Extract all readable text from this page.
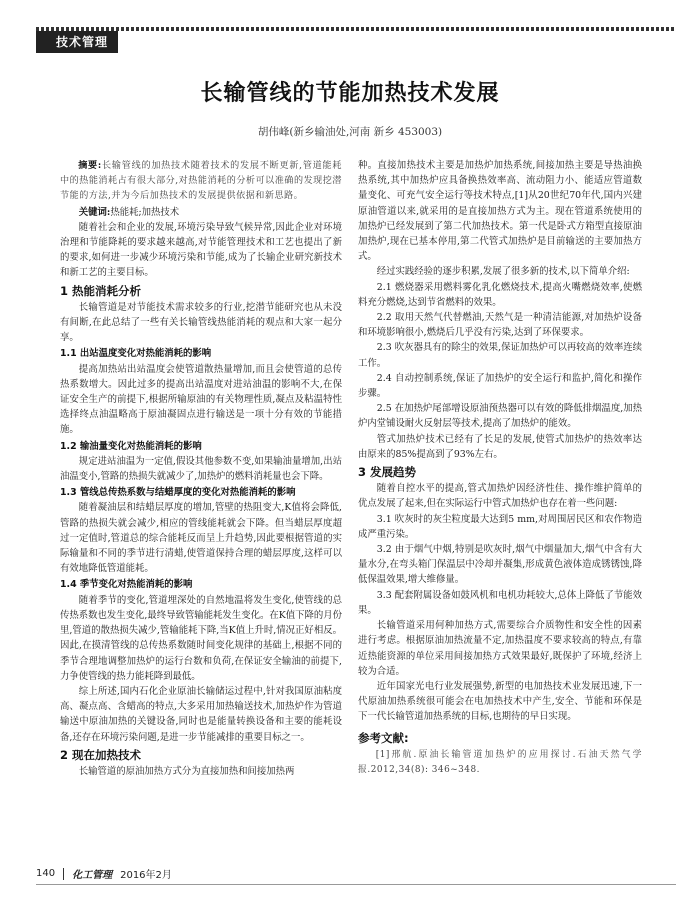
技术管理
长输管线的节能加热技术发展
胡伟峰(新乡输油处,河南 新乡 453003)

摘要:长输管线的加热技术随着技术的发展不断更新,管道能耗中的热能消耗占有很大部分,对热能消耗的分析可以准确的发现挖潜节能的方法,并为今后加热技术的发展提供依据和新思路。

关键词:热能耗;加热技术

随着社会和企业的发展,环境污染导致气候异常,因此企业对环境治理和节能降耗的要求越来越高,对节能管理技术和工艺也提出了新的要求,如何进一步减少环境污染和节能,成为了长输企业研究新技术和新工艺的主要目标。

1 热能消耗分析

长输管道是对节能技术需求较多的行业,挖潜节能研究也从未没有间断,在此总结了一些有关长输管线热能消耗的观点和大家一起分享。

1.1 出站温度变化对热能消耗的影响

提高加热站出站温度会使管道散热量增加,而且会使管道的总传热系数增大。因此过多的提高出站温度对进站油温的影响不大,在保证安全生产的前提下,根据所输原油的有关物理性质,凝点及粘温特性选择终点油温略高于原油凝固点进行输送是一项十分有效的节能措施。

1.2 输油量变化对热能消耗的影响

规定进站油温为一定值,假设其他参数不变,如果输油量增加,出站油温变小,管路的热损失就减少了,加热炉的燃料消耗量也会下降。

1.3 管线总传热系数与结蜡厚度的变化对热能消耗的影响

随着凝油层和结蜡层厚度的增加,管壁的热阻变大,K值将会降低,管路的热损失就会减少,相应的管线能耗就会下降。但当蜡层厚度超过一定值时,管道总的综合能耗反而呈上升趋势,因此要根据管道的实际输量和不同的季节进行清蜡,使管道保持合理的蜡层厚度,这样可以有效地降低管道能耗。

1.4 季节变化对热能消耗的影响

随着季节的变化,管道埋深处的自然地温将发生变化,使管线的总传热系数也发生变化,最终导致管输能耗发生变化。在K值下降的月份里,管道的散热损失减少,管输能耗下降,当K值上升时,情况正好相反。因此,在摸清管线的总传热系数随时间变化规律的基础上,根据不同的季节合理地调整加热炉的运行台数和负荷,在保证安全输油的前提下,力争使管线的热力能耗降到最低。

综上所述,国内石化企业原油长输储运过程中,针对我国原油粘度高、凝点高、含蜡高的特点,大多采用加热输送技术,加热炉作为管道输送中原油加热的关键设备,同时也是能量转换设备和主要的能耗设备,还存在环境污染问题,是进一步节能减排的重要目标之一。

2 现在加热技术

长输管道的原油加热方式分为直接加热和间接加热两

种。直接加热技术主要是加热炉加热系统,间接加热主要是导热油换热系统,其中加热炉应具备换热效率高、流动阻力小、能适应管道数量变化、可充气安全运行等技术特点,[1]从20世纪70年代,国内兴建原油管道以来,就采用的是直接加热方式为主。现在管道系统使用的加热炉已经发展到了第二代加热技术。第一代是卧式方箱型直接原油加热炉,现在已基本停用,第二代管式加热炉是目前输送的主要加热方式。

经过实践经验的逐步积累,发展了很多新的技术,以下简单介绍:

2.1 燃烧器采用燃料雾化乳化燃烧技术,提高火嘴燃烧效率,使燃料充分燃烧,达到节省燃料的效果。

2.2 取用天然气代替燃油,天然气是一种清洁能源,对加热炉设备和环境影响很小,燃烧后几乎没有污染,达到了环保要求。

2.3 吹灰器具有的除尘的效果,保证加热炉可以再较高的效率连续工作。

2.4 自动控制系统,保证了加热炉的安全运行和监护,简化和操作步骤。

2.5 在加热炉尾部增设原油预热器可以有效的降低排烟温度,加热炉内堂铺设耐火反射层等技术,提高了加热炉的能效。

管式加热炉技术已经有了长足的发展,使管式加热炉的热效率达由原来的85%提高到了93%左右。

3 发展趋势

随着自控水平的提高,管式加热炉因经济性佳、操作维护简单的优点发展了起来,但在实际运行中管式加热炉也存在着一些问题:

3.1 吹灰时的灰尘粒度最大达到5 mm,对周围居民区和农作物造成严重污染。

3.2 由于烟气中烟,特别是吹灰时,烟气中烟量加大,烟气中含有大量水分,在弯头箱门保温层中冷却并凝集,形成黄色液体造成锈锈蚀,降低保温效果,增大维修量。

3.3 配套附属设备如鼓风机和电机功耗较大,总体上降低了节能效果。

长输管道采用何种加热方式,需要综合介质物性和安全性的因素进行考虑。根据原油加热流量不定,加热温度不要求较高的特点,有靠近热能资源的单位采用间接加热方式效果最好,既保护了环境,经济上较为合适。

近年国家光电行业发展强势,新型的电加热技术业发展迅速,下一代原油加热系统很可能会在电加热技术中产生,安全、节能和环保是下一代长输管道加热系统的目标,也期待的早日实现。

参考文献:

[1]邢航.原油长输管道加热炉的应用探讨.石油天然气学报.2012,34(8): 346~348.

140 化工管理 2016年2月
